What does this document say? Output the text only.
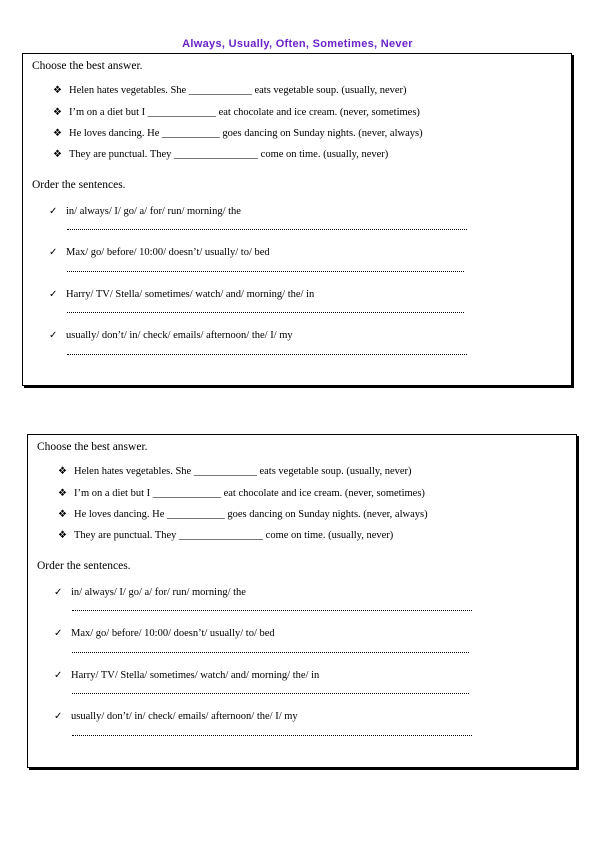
Always, Usually, Often, Sometimes, Never
Choose the best answer.
❖ Helen hates vegetables. She ____________ eats vegetable soup. (usually, never)
❖ I’m on a diet but I _____________ eat chocolate and ice cream. (never, sometimes)
❖ He loves dancing. He ___________ goes dancing on Sunday nights. (never, always)
❖ They are punctual. They ________________ come on time. (usually, never)
Order the sentences.
✓ in/ always/ I/ go/ a/ for/ run/ morning/ the
✓ Max/ go/ before/ 10:00/ doesn’t/ usually/ to/ bed
✓ Harry/ TV/ Stella/ sometimes/ watch/ and/ morning/ the/ in
✓ usually/ don’t/ in/ check/ emails/ afternoon/ the/ I/ my
Choose the best answer.
❖ Helen hates vegetables. She ____________ eats vegetable soup. (usually, never)
❖ I’m on a diet but I _____________ eat chocolate and ice cream. (never, sometimes)
❖ He loves dancing. He ___________ goes dancing on Sunday nights. (never, always)
❖ They are punctual. They ________________ come on time. (usually, never)
Order the sentences.
✓ in/ always/ I/ go/ a/ for/ run/ morning/ the
✓ Max/ go/ before/ 10:00/ doesn’t/ usually/ to/ bed
✓ Harry/ TV/ Stella/ sometimes/ watch/ and/ morning/ the/ in
✓ usually/ don’t/ in/ check/ emails/ afternoon/ the/ I/ my
